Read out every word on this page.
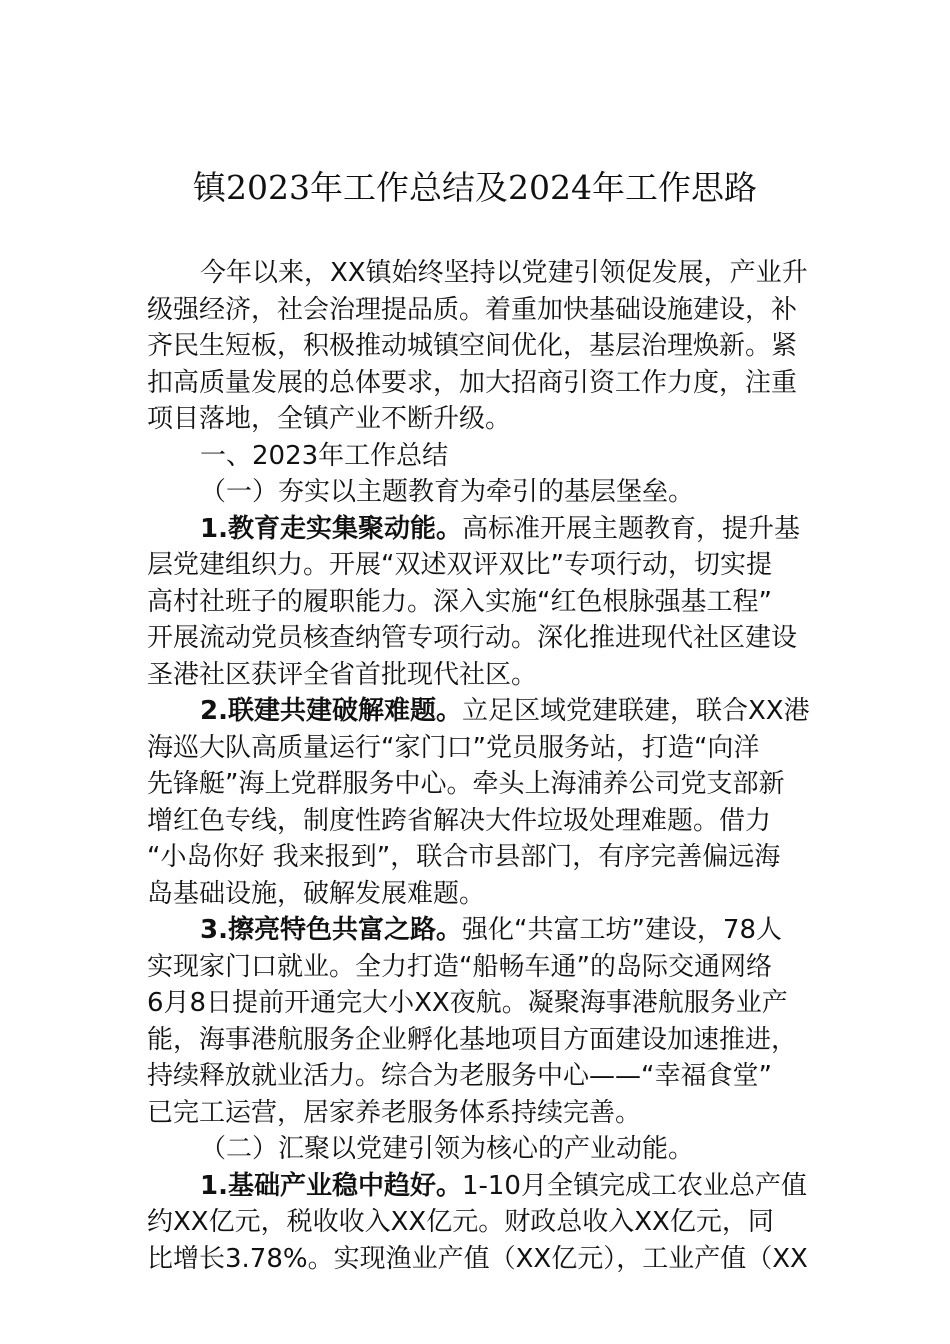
镇2023年工作总结及2024年工作思路
今年以来，XX镇始终坚持以党建引领促发展，产业升
级强经济，社会治理提品质。着重加快基础设施建设，补
齐民生短板，积极推动城镇空间优化，基层治理焕新。紧
扣高质量发展的总体要求，加大招商引资工作力度，注重
项目落地，全镇产业不断升级。
一、2023年工作总结
（一）夯实以主题教育为牵引的基层堡垒。
1.教育走实集聚动能。高标准开展主题教育，提升基
层党建组织力。开展“双述双评双比”专项行动，切实提
高村社班子的履职能力。深入实施“红色根脉强基工程”
开展流动党员核查纳管专项行动。深化推进现代社区建设
圣港社区获评全省首批现代社区。
2.联建共建破解难题。立足区域党建联建，联合XX港
海巡大队高质量运行“家门口”党员服务站，打造“向洋
先锋艇”海上党群服务中心。牵头上海浦养公司党支部新
增红色专线，制度性跨省解决大件垃圾处理难题。借力
“小岛你好 我来报到”，联合市县部门，有序完善偏远海
岛基础设施，破解发展难题。
3.擦亮特色共富之路。强化“共富工坊”建设，78人
实现家门口就业。全力打造“船畅车通”的岛际交通网络
6月8日提前开通完大小XX夜航。凝聚海事港航服务业产
能，海事港航服务企业孵化基地项目方面建设加速推进，
持续释放就业活力。综合为老服务中心——“幸福食堂”
已完工运营，居家养老服务体系持续完善。
（二）汇聚以党建引领为核心的产业动能。
1.基础产业稳中趋好。1-10月全镇完成工农业总产值
约XX亿元，税收收入XX亿元。财政总收入XX亿元，同
比增长3.78%。实现渔业产值（XX亿元），工业产值（XX
